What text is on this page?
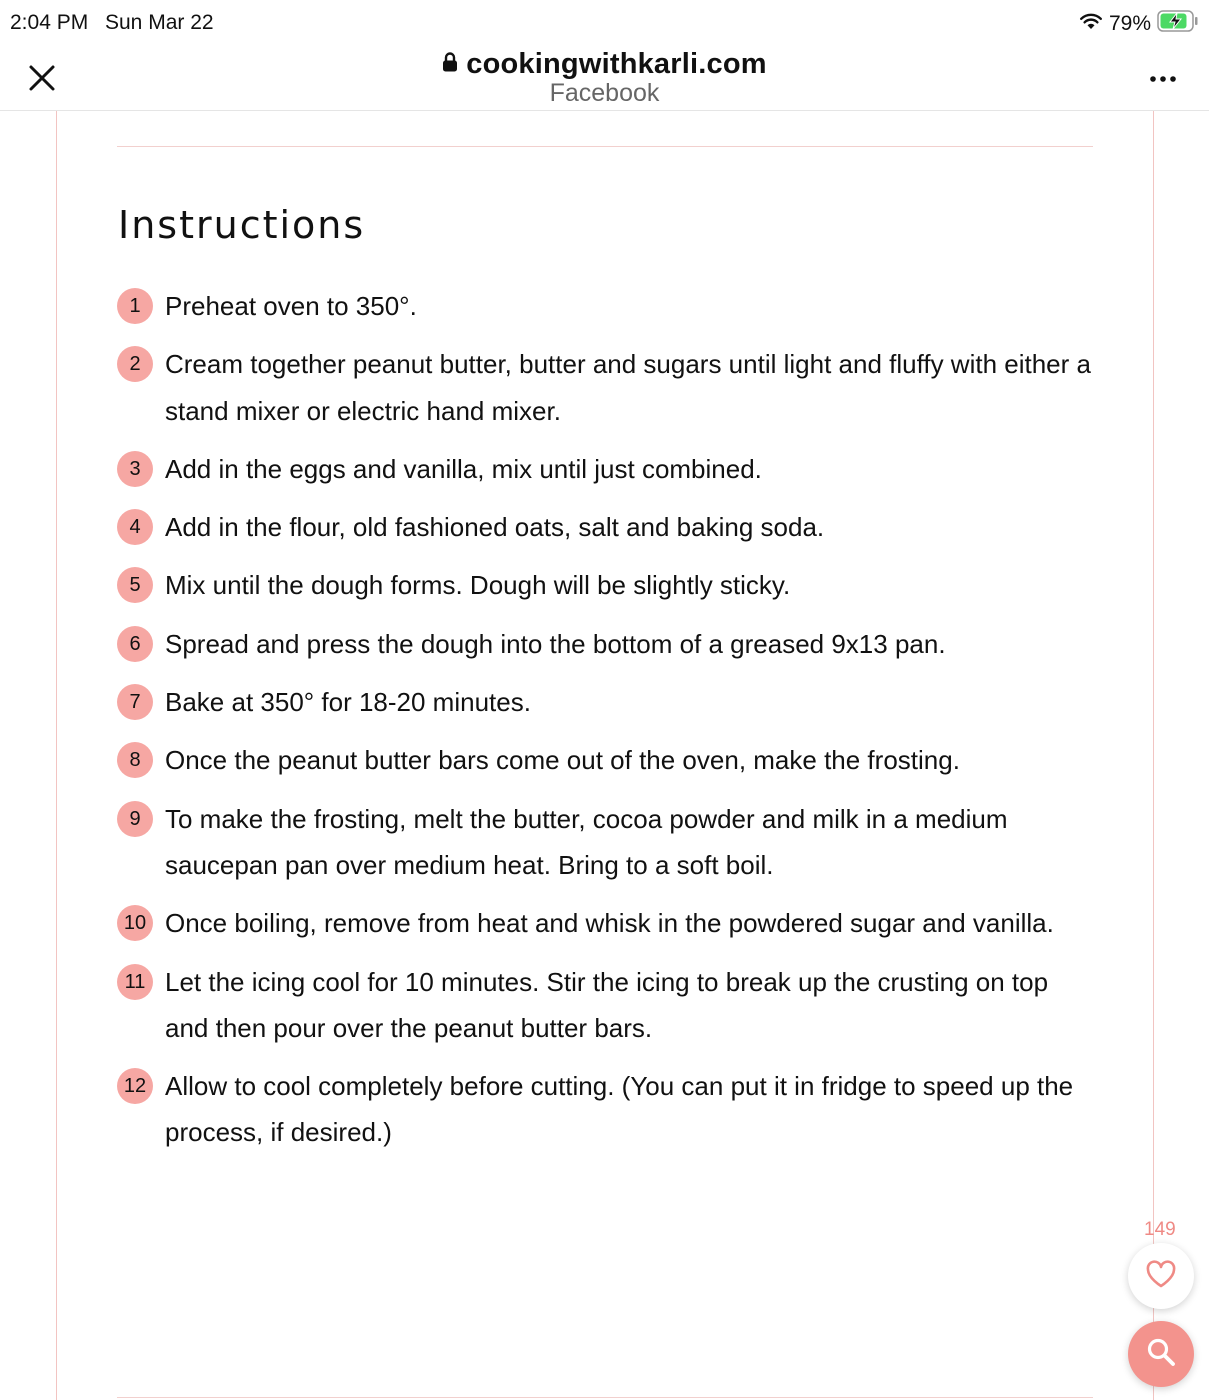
2:04 PM Sun Mar 22	79%
cookingwithkarli.com
Facebook
Instructions
1 Preheat oven to 350°.
2 Cream together peanut butter, butter and sugars until light and fluffy with either a stand mixer or electric hand mixer.
3 Add in the eggs and vanilla, mix until just combined.
4 Add in the flour, old fashioned oats, salt and baking soda.
5 Mix until the dough forms. Dough will be slightly sticky.
6 Spread and press the dough into the bottom of a greased 9x13 pan.
7 Bake at 350° for 18-20 minutes.
8 Once the peanut butter bars come out of the oven, make the frosting.
9 To make the frosting, melt the butter, cocoa powder and milk in a medium saucepan pan over medium heat. Bring to a soft boil.
10 Once boiling, remove from heat and whisk in the powdered sugar and vanilla.
11 Let the icing cool for 10 minutes. Stir the icing to break up the crusting on top and then pour over the peanut butter bars.
12 Allow to cool completely before cutting. (You can put it in fridge to speed up the process, if desired.)
149
